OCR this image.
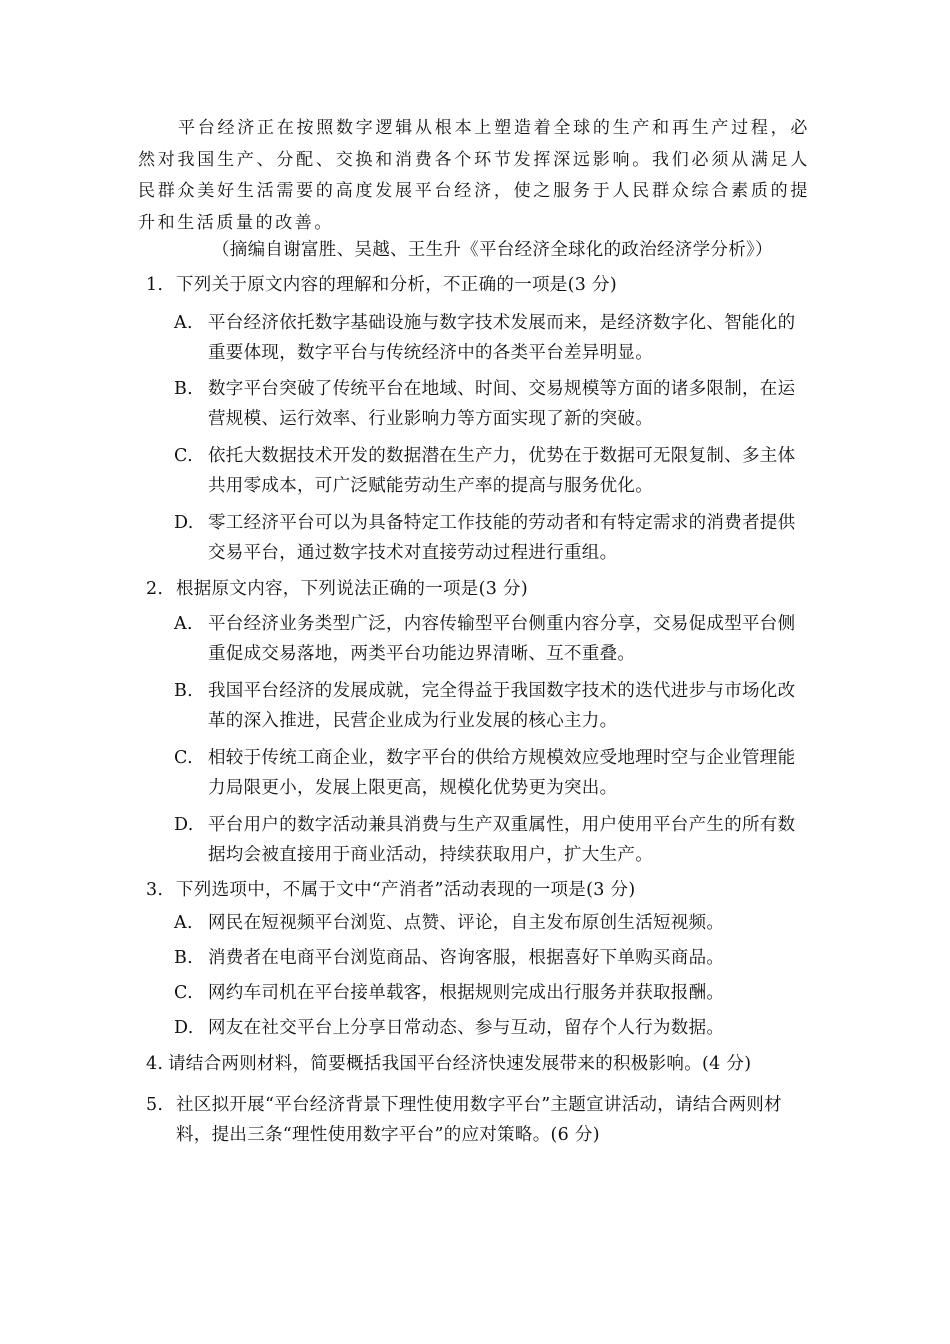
平台经济正在按照数字逻辑从根本上塑造着全球的生产和再生产过程，必然对我国生产、分配、交换和消费各个环节发挥深远影响。我们必须从满足人民群众美好生活需要的高度发展平台经济，使之服务于人民群众综合素质的提升和生活质量的改善。

（摘编自谢富胜、吴越、王生升《平台经济全球化的政治经济学分析》）

1. 下列关于原文内容的理解和分析，不正确的一项是(3 分)
A. 平台经济依托数字基础设施与数字技术发展而来，是经济数字化、智能化的重要体现，数字平台与传统经济中的各类平台差异明显。
B. 数字平台突破了传统平台在地域、时间、交易规模等方面的诸多限制，在运营规模、运行效率、行业影响力等方面实现了新的突破。
C. 依托大数据技术开发的数据潜在生产力，优势在于数据可无限复制、多主体共用零成本，可广泛赋能劳动生产率的提高与服务优化。
D. 零工经济平台可以为具备特定工作技能的劳动者和有特定需求的消费者提供交易平台，通过数字技术对直接劳动过程进行重组。
2. 根据原文内容，下列说法正确的一项是(3 分)
A. 平台经济业务类型广泛，内容传输型平台侧重内容分享，交易促成型平台侧重促成交易落地，两类平台功能边界清晰、互不重叠。
B. 我国平台经济的发展成就，完全得益于我国数字技术的迭代进步与市场化改革的深入推进，民营企业成为行业发展的核心主力。
C. 相较于传统工商企业，数字平台的供给方规模效应受地理时空与企业管理能力局限更小，发展上限更高，规模化优势更为突出。
D. 平台用户的数字活动兼具消费与生产双重属性，用户使用平台产生的所有数据均会被直接用于商业活动，持续获取用户，扩大生产。
3. 下列选项中，不属于文中“产消者”活动表现的一项是(3 分)
A. 网民在短视频平台浏览、点赞、评论，自主发布原创生活短视频。
B. 消费者在电商平台浏览商品、咨询客服，根据喜好下单购买商品。
C. 网约车司机在平台接单载客，根据规则完成出行服务并获取报酬。
D. 网友在社交平台上分享日常动态、参与互动，留存个人行为数据。
4. 请结合两则材料，简要概括我国平台经济快速发展带来的积极影响。(4 分)
5. 社区拟开展“平台经济背景下理性使用数字平台”主题宣讲活动，请结合两则材料，提出三条“理性使用数字平台”的应对策略。(6 分)
